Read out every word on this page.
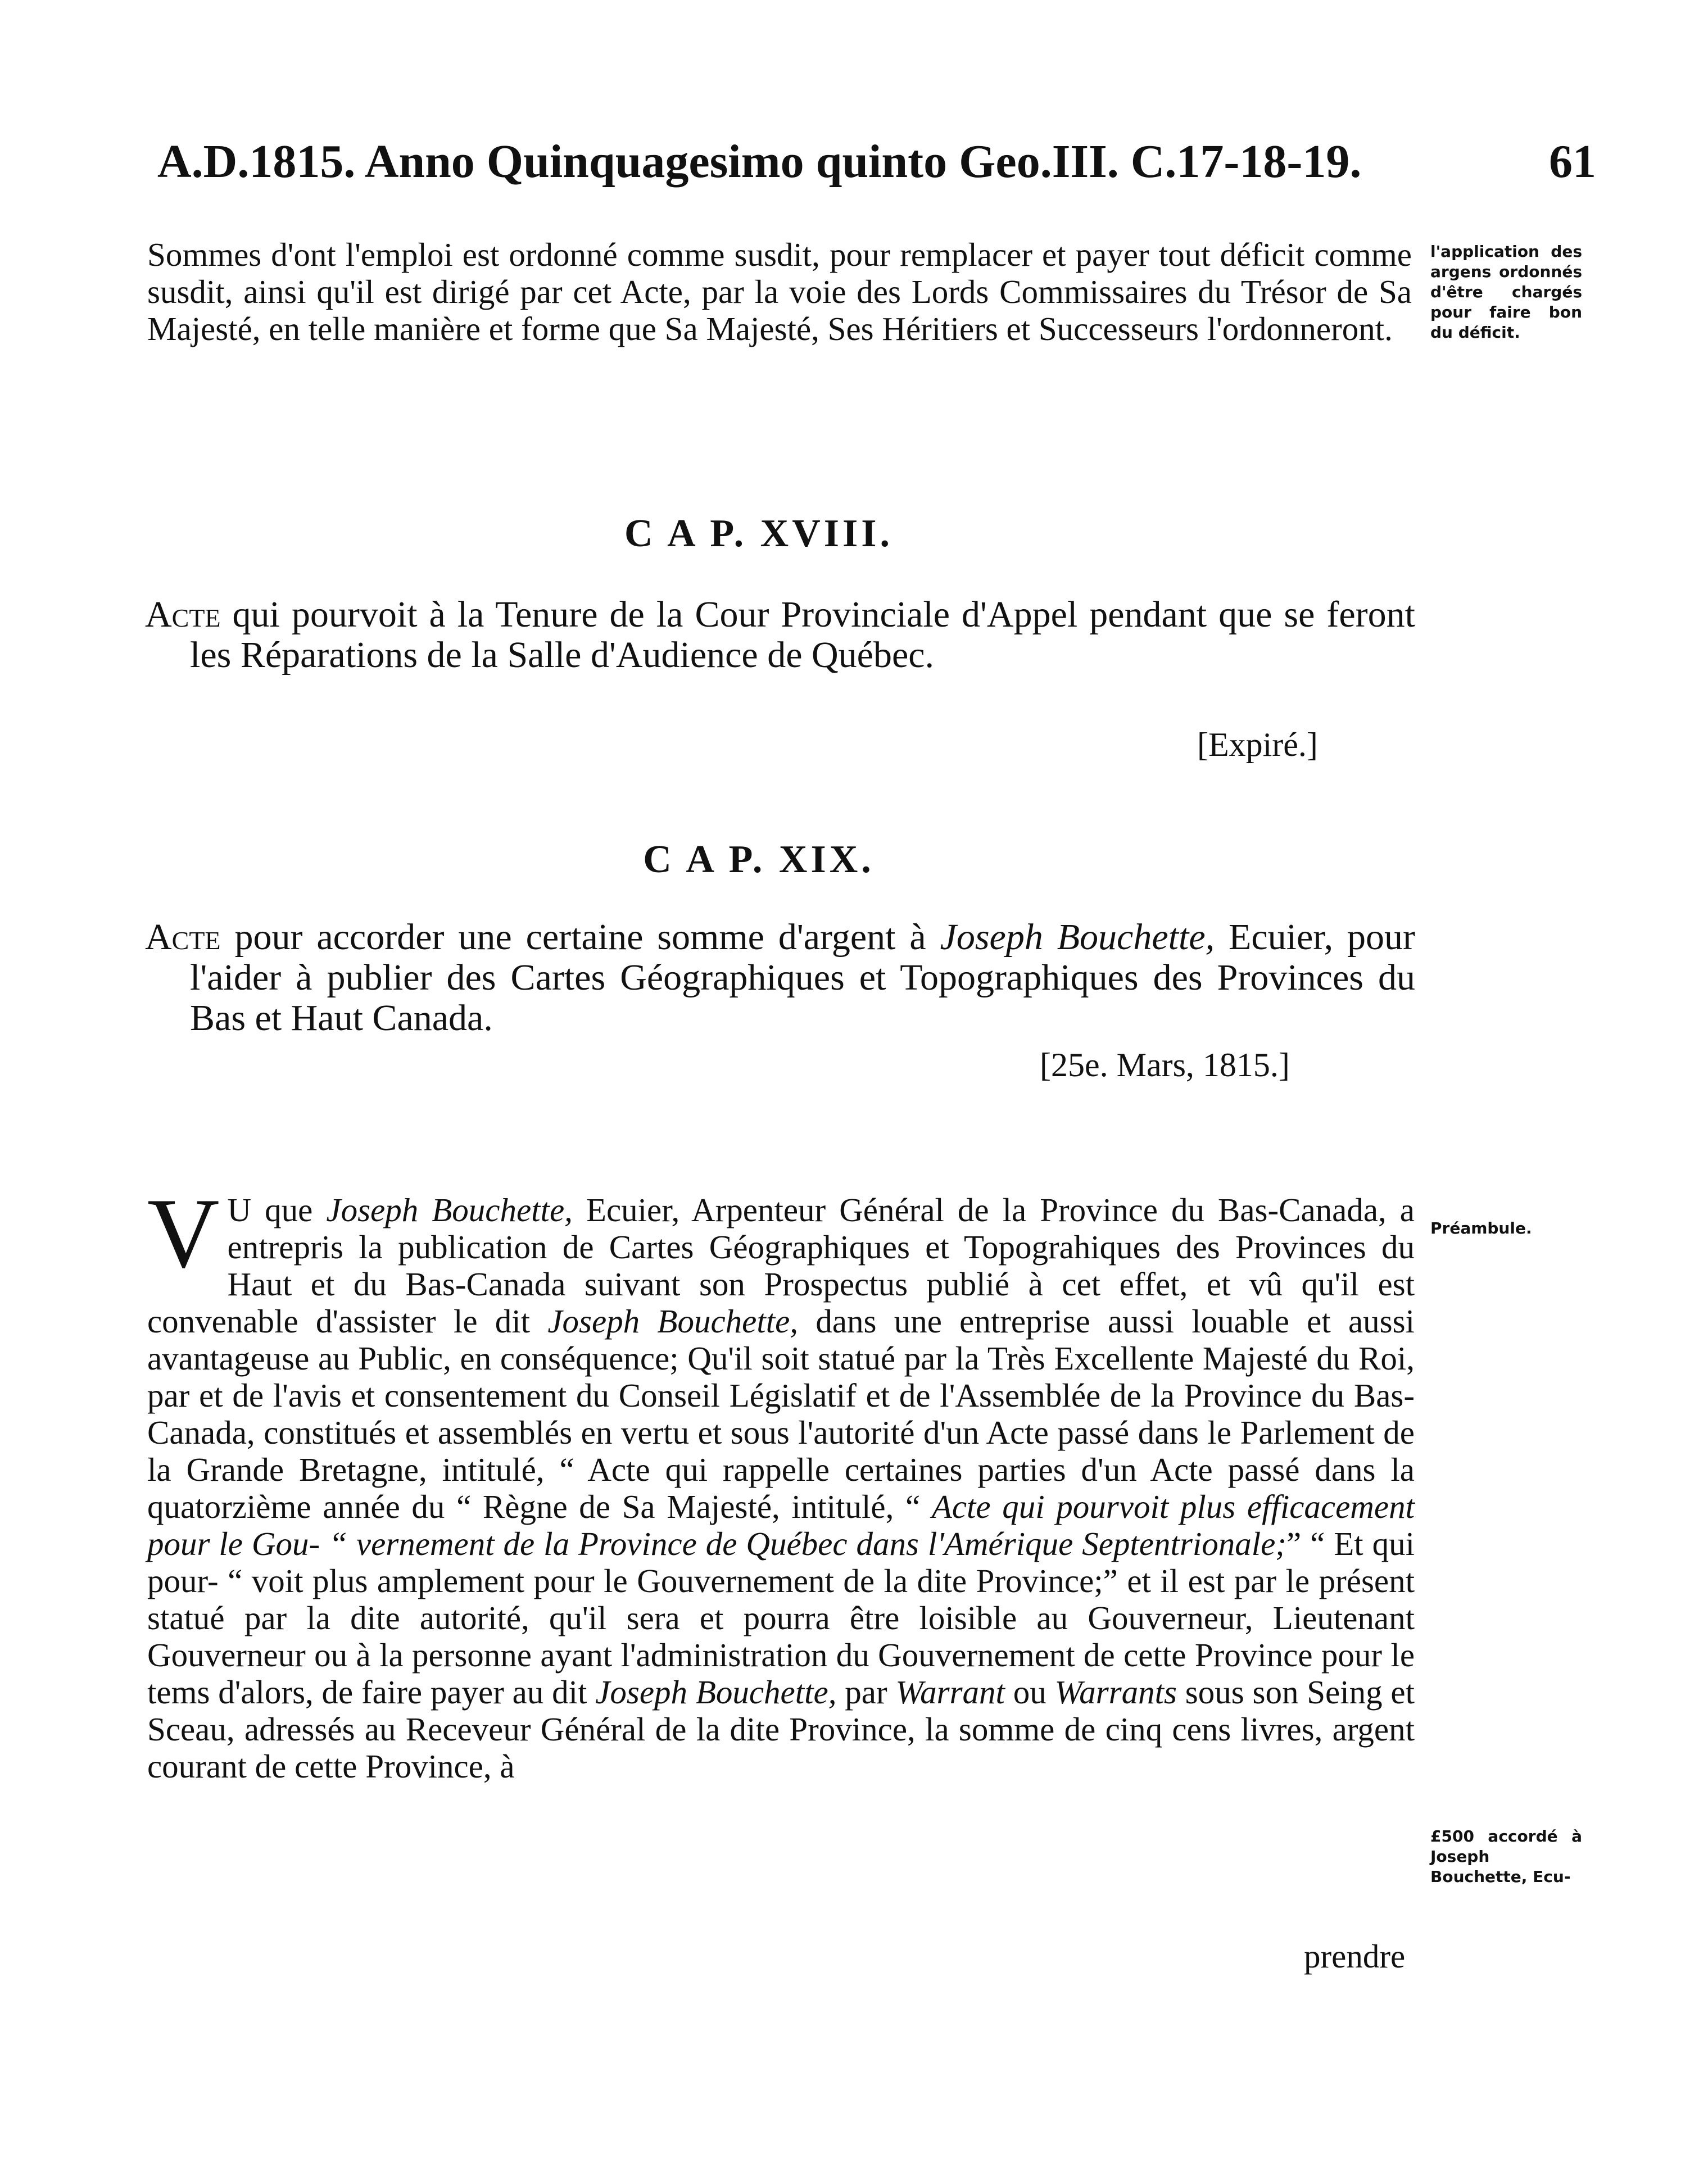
A.D.1815. Anno Quinquagesimo quinto Geo.III. C.17-18-19.	61
Sommes d'ont l'emploi est ordonné comme susdit, pour remplacer et payer tout déficit comme susdit, ainsi qu'il est dirigé par cet Acte, par la voie des Lords Commissaires du Trésor de Sa Majesté, en telle manière et forme que Sa Majesté, Ses Héritiers et Successeurs l'ordonneront.
l'application des argens ordonnés d'être chargés pour faire bon du déficit.
C A P. XVIII.
Acte qui pourvoit à la Tenure de la Cour Provinciale d'Appel pendant que se feront les Réparations de la Salle d'Audience de Québec.
[Expiré.]
C A P. XIX.
Acte pour accorder une certaine somme d'argent à Joseph Bouchette, Ecuier, pour l'aider à publier des Cartes Géographiques et Topographiques des Provinces du Bas et Haut Canada.
[25e. Mars, 1815.]
V U que Joseph Bouchette, Ecuier, Arpenteur Général de la Province du Bas-Canada, a entrepris la publication de Cartes Géographiques et Topograhiques des Provinces du Haut et du Bas-Canada suivant son Prospectus publié à cet effet, et vû qu'il est convenable d'assister le dit Joseph Bouchette, dans une entreprise aussi louable et aussi avantageuse au Public, en conséquence; Qu'il soit statué par la Très Excellente Majesté du Roi, par et de l'avis et consentement du Conseil Législatif et de l'Assemblée de la Province du Bas-Canada, constitués et assemblés en vertu et sous l'autorité d'un Acte passé dans le Parlement de la Grande Bretagne, intitulé, “ Acte qui rappelle certaines parties d'un Acte passé dans la quatorzième année du “ Règne de Sa Majesté, intitulé, “ Acte qui pourvoit plus efficacement pour le Gou- “ vernement de la Province de Québec dans l'Amérique Septentrionale;” “ Et qui pour- “ voit plus amplement pour le Gouvernement de la dite Province;” et il est par le présent statué par la dite autorité, qu'il sera et pourra être loisible au Gouverneur, Lieutenant Gouverneur ou à la personne ayant l'administration du Gouvernement de cette Province pour le tems d'alors, de faire payer au dit Joseph Bouchette, par Warrant ou Warrants sous son Seing et Sceau, adressés au Receveur Général de la dite Province, la somme de cinq cens livres, argent courant de cette Province, à
prendre
Préambule.
£500 accordé à Joseph Bouchette, Ecu-
